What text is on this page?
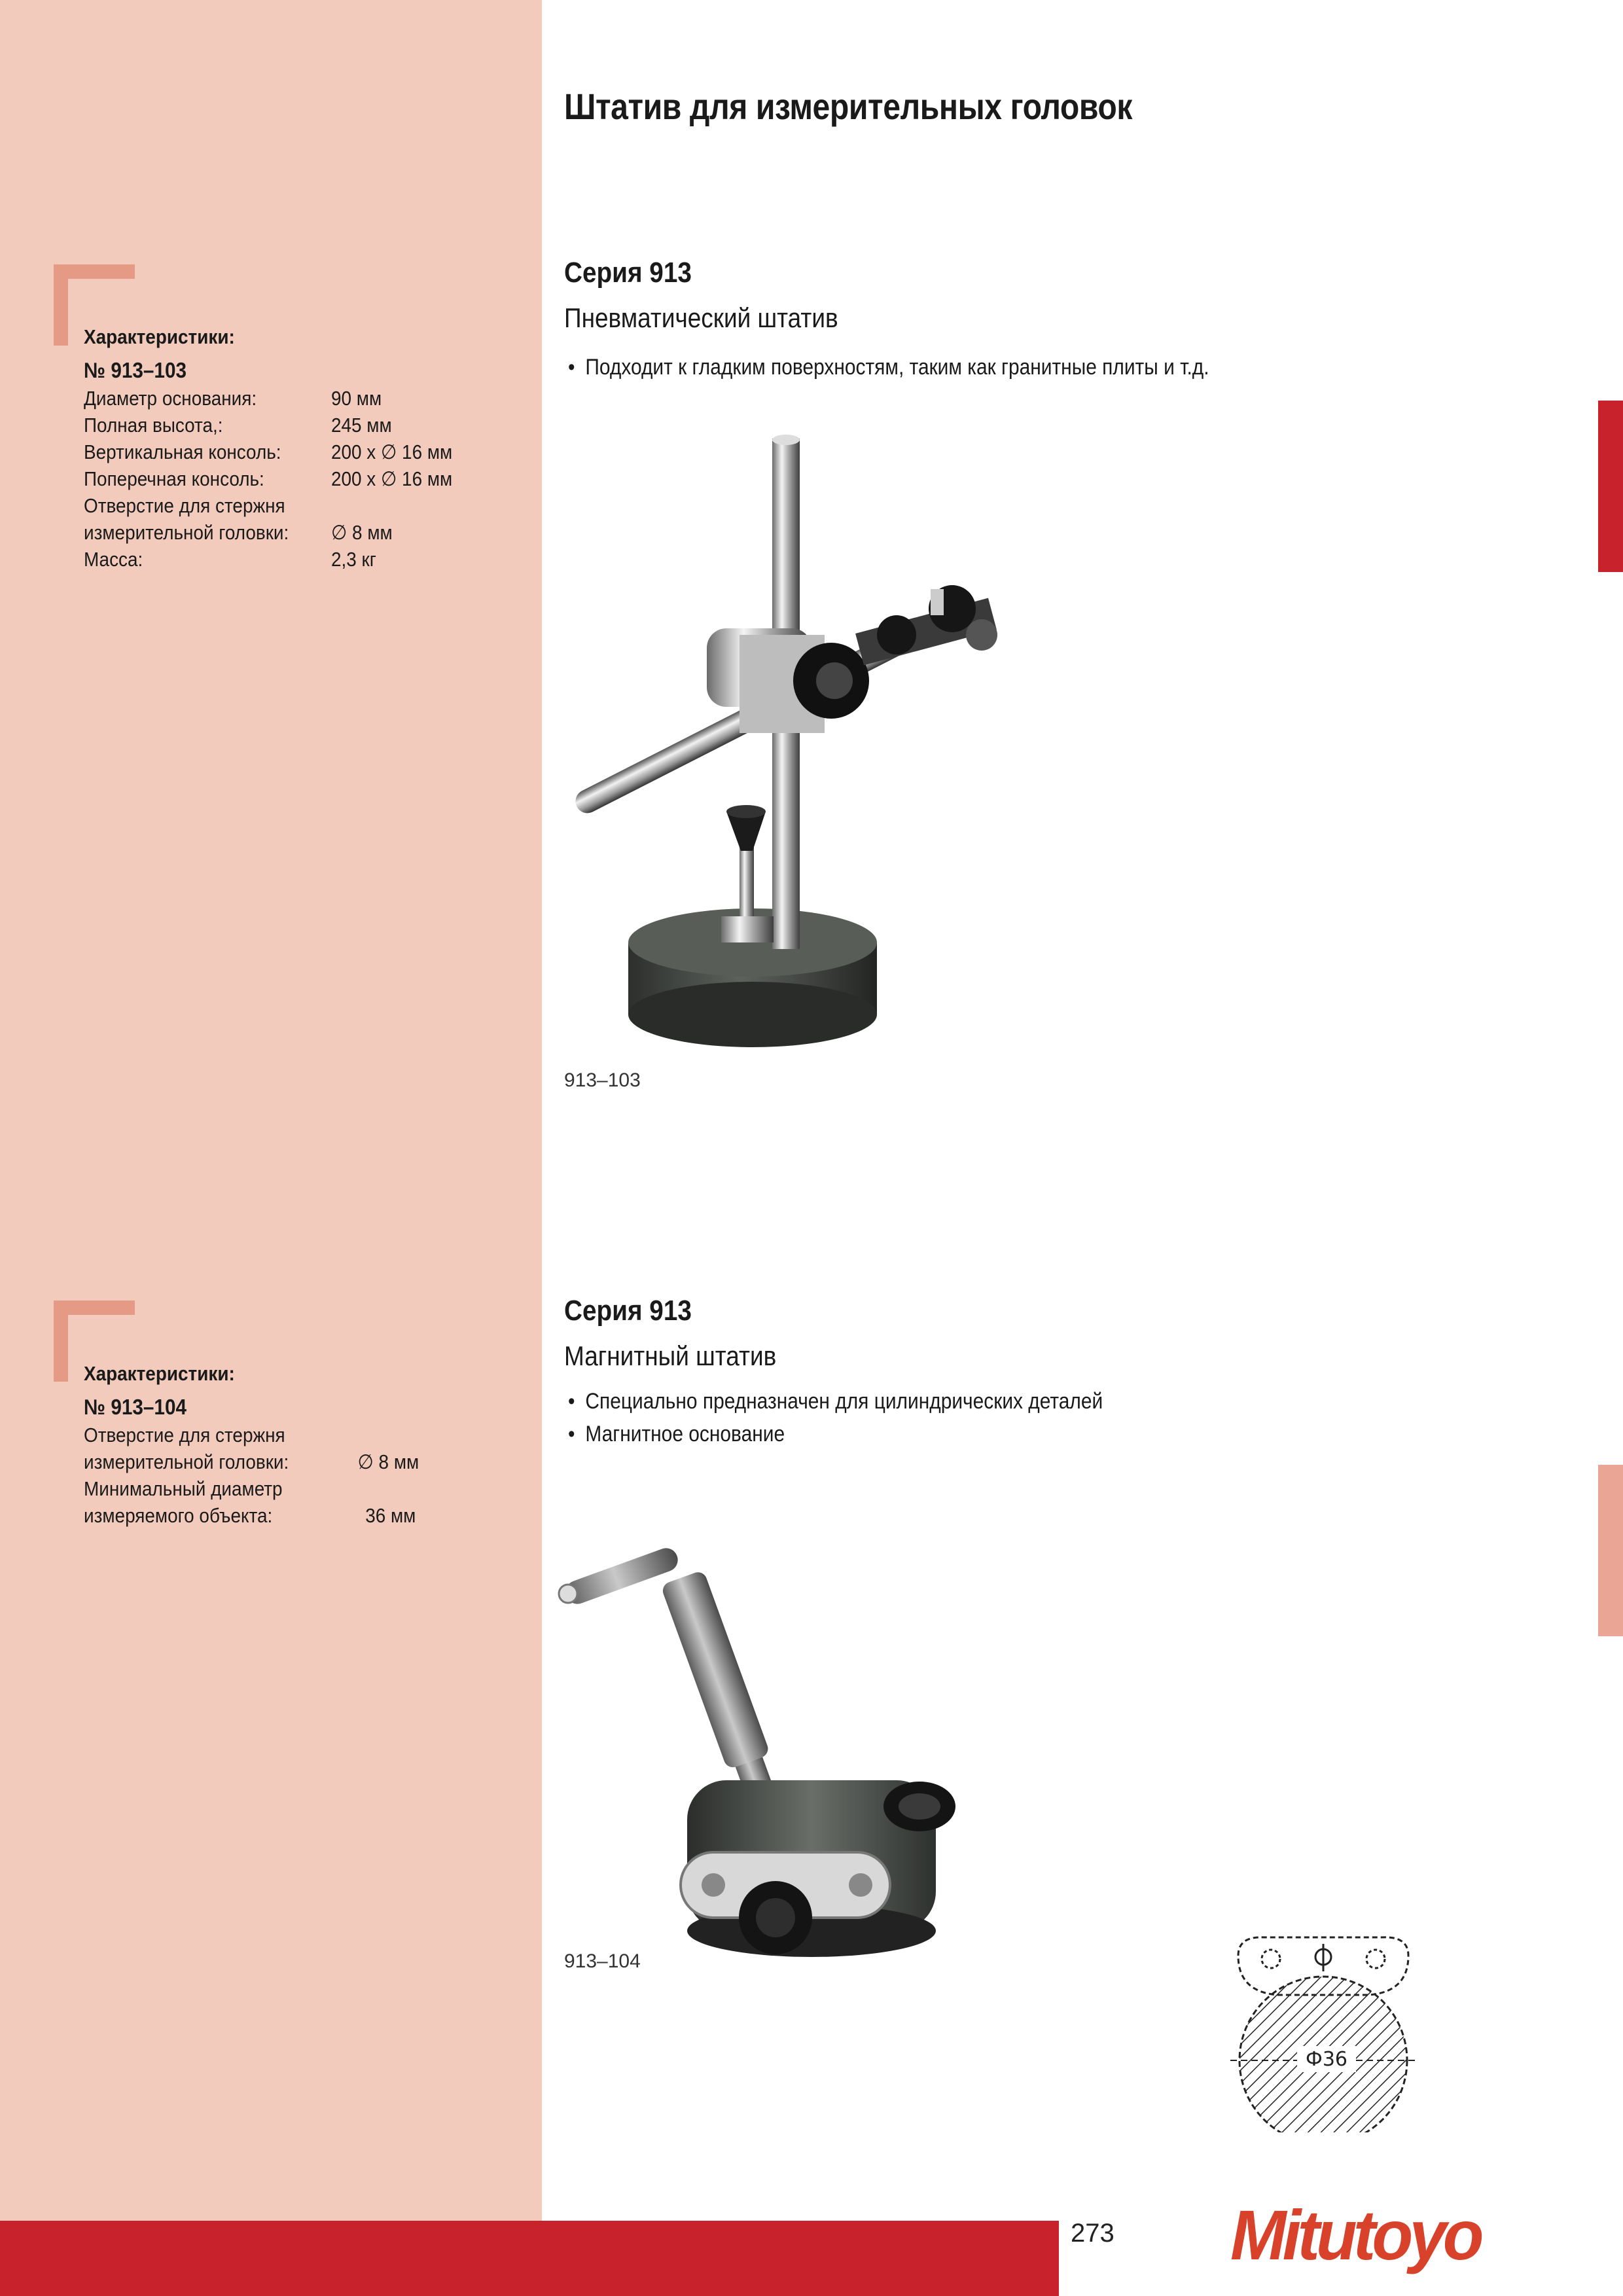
Штатив для измерительных головок
Серия 913
Пневматический штатив
• Подходит к гладким поверхностям, таким как гранитные плиты и т.д.
Характеристики:
№ 913–103
Диаметр основания:	90 мм
Полная высота,:	245 мм
Вертикальная консоль: 200 x ∅ 16 мм
Поперечная консоль:	200 x ∅ 16 мм
Отверстие для стержня
измерительной головки: ∅ 8 мм
Масса:	2,3 кг
913–103
Серия 913
Магнитный штатив
• Специально предназначен для цилиндрических деталей
• Магнитное основание
Характеристики:
№ 913–104
Отверстие для стержня
измерительной головки:	∅ 8 мм
Минимальный диаметр
измеряемого объекта:	36 мм
913–104
Ф36
273 Mitutoyo
